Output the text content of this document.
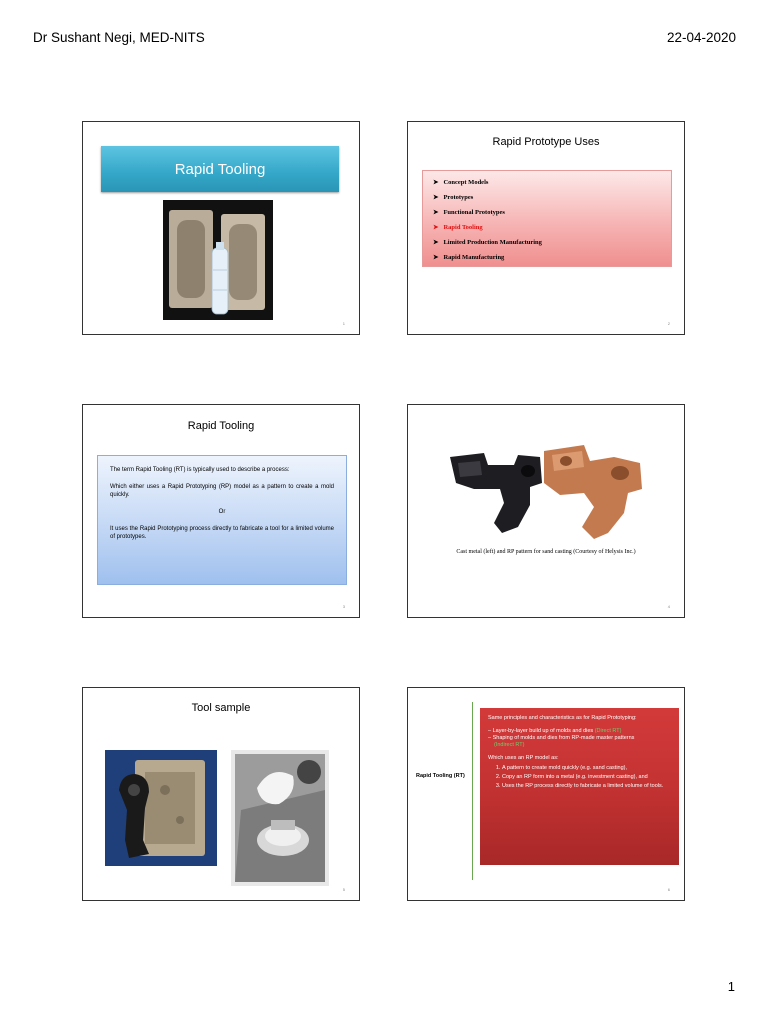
Dr Sushant Negi, MED-NITS	22-04-2020
Rapid Tooling
1
Rapid Prototype Uses
➤ Concept Models
➤ Prototypes
➤ Functional Prototypes
➤ Rapid Tooling
➤ Limited Production Manufacturing
➤ Rapid Manufacturing
2
Rapid Tooling

The term Rapid Tooling (RT) is typically used to describe a process:

Which either uses a Rapid Prototyping (RP) model as a pattern to create a mold quickly.

Or

It uses the Rapid Prototyping process directly to fabricate a tool for a limited volume of prototypes.

3
Cast metal (left) and RP pattern for sand casting (Courtesy of Helysis Inc.)
4
Tool sample
5
Rapid Tooling (RT)

Same principles and characteristics as for Rapid Prototyping:

– Layer-by-layer build up of molds and dies (Direct RT)
– Shaping of molds and dies from RP-made master patterns
(Indirect RT)

Which uses an RP model as:

1. A pattern to create mold quickly (e.g. sand casting),
2. Copy an RP form into a metal (e.g. investment casting), and
3. Uses the RP process directly to fabricate a limited volume of tools.
6
1
